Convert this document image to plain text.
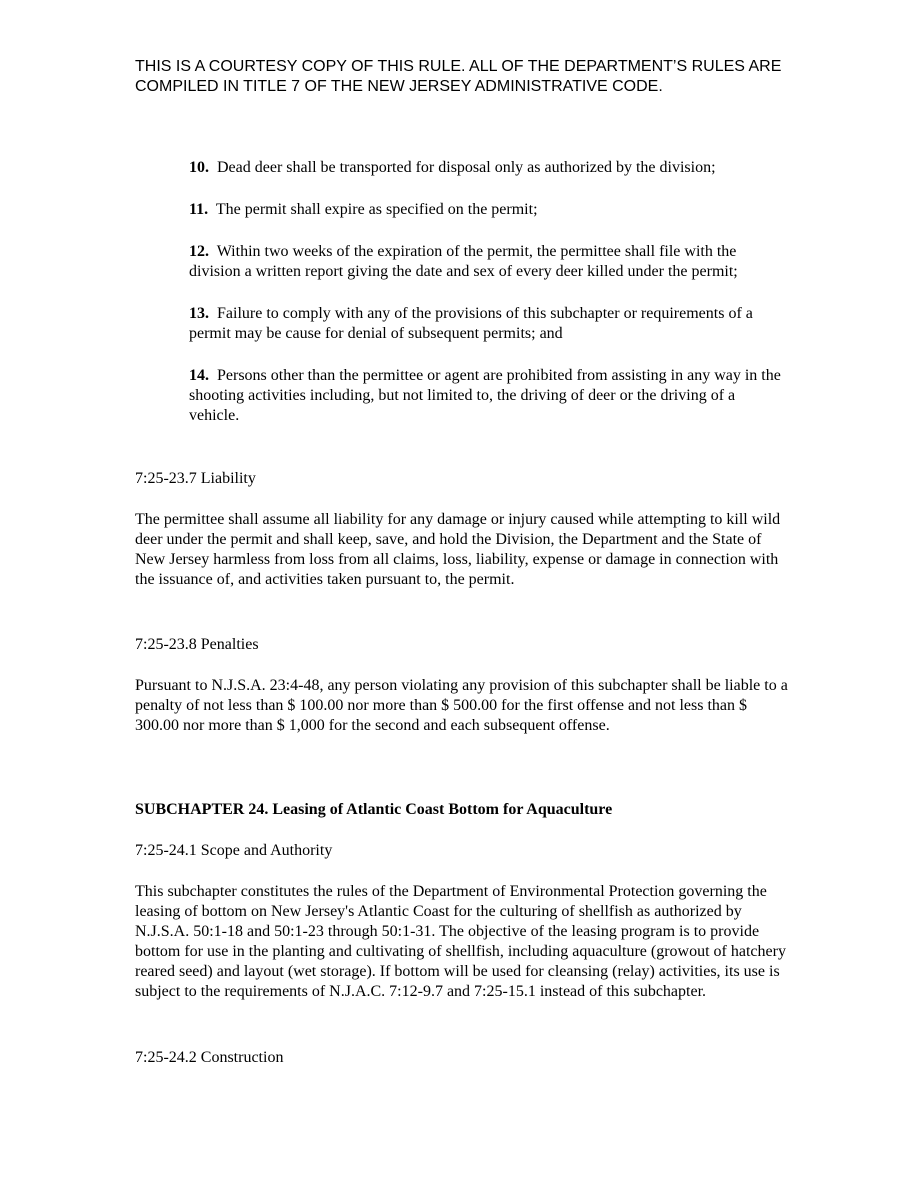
THIS IS A COURTESY COPY OF THIS RULE. ALL OF THE DEPARTMENT’S RULES ARE COMPILED IN TITLE 7 OF THE NEW JERSEY ADMINISTRATIVE CODE.
10. Dead deer shall be transported for disposal only as authorized by the division;
11. The permit shall expire as specified on the permit;
12. Within two weeks of the expiration of the permit, the permittee shall file with the division a written report giving the date and sex of every deer killed under the permit;
13. Failure to comply with any of the provisions of this subchapter or requirements of a permit may be cause for denial of subsequent permits; and
14. Persons other than the permittee or agent are prohibited from assisting in any way in the shooting activities including, but not limited to, the driving of deer or the driving of a vehicle.

7:25-23.7 Liability

The permittee shall assume all liability for any damage or injury caused while attempting to kill wild deer under the permit and shall keep, save, and hold the Division, the Department and the State of New Jersey harmless from loss from all claims, loss, liability, expense or damage in connection with the issuance of, and activities taken pursuant to, the permit.

7:25-23.8 Penalties

Pursuant to N.J.S.A. 23:4-48, any person violating any provision of this subchapter shall be liable to a penalty of not less than $ 100.00 nor more than $ 500.00 for the first offense and not less than $ 300.00 nor more than $ 1,000 for the second and each subsequent offense.

SUBCHAPTER 24. Leasing of Atlantic Coast Bottom for Aquaculture

7:25-24.1 Scope and Authority

This subchapter constitutes the rules of the Department of Environmental Protection governing the leasing of bottom on New Jersey's Atlantic Coast for the culturing of shellfish as authorized by N.J.S.A. 50:1-18 and 50:1-23 through 50:1-31. The objective of the leasing program is to provide bottom for use in the planting and cultivating of shellfish, including aquaculture (growout of hatchery reared seed) and layout (wet storage). If bottom will be used for cleansing (relay) activities, its use is subject to the requirements of N.J.A.C. 7:12-9.7 and 7:25-15.1 instead of this subchapter.

7:25-24.2 Construction
